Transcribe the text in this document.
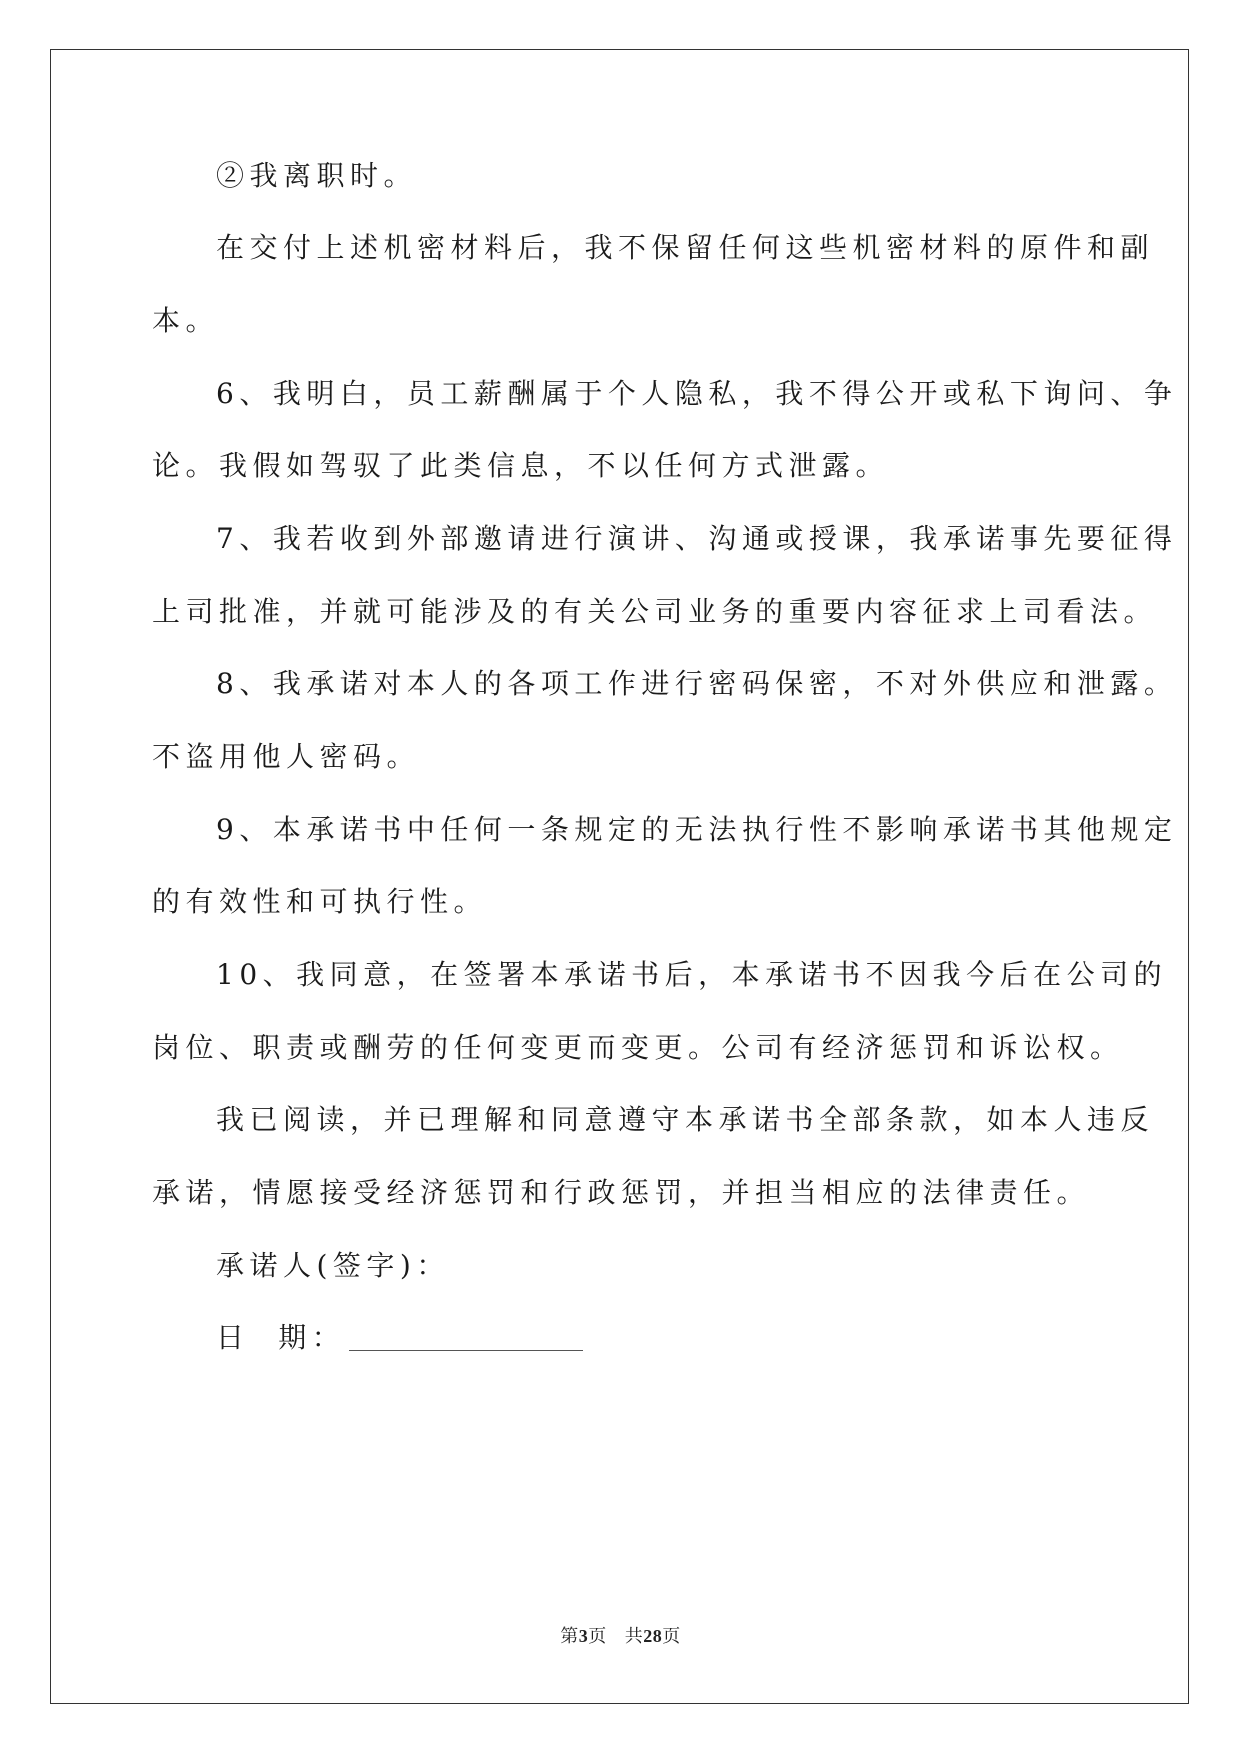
②我离职时。
在交付上述机密材料后，我不保留任何这些机密材料的原件和副
本。
6、我明白，员工薪酬属于个人隐私，我不得公开或私下询问、争
论。我假如驾驭了此类信息，不以任何方式泄露。
7、我若收到外部邀请进行演讲、沟通或授课，我承诺事先要征得
上司批准，并就可能涉及的有关公司业务的重要内容征求上司看法。
8、我承诺对本人的各项工作进行密码保密，不对外供应和泄露。
不盗用他人密码。
9、本承诺书中任何一条规定的无法执行性不影响承诺书其他规定
的有效性和可执行性。
10、我同意，在签署本承诺书后，本承诺书不因我今后在公司的
岗位、职责或酬劳的任何变更而变更。公司有经济惩罚和诉讼权。
我已阅读，并已理解和同意遵守本承诺书全部条款，如本人违反
承诺，情愿接受经济惩罚和行政惩罚，并担当相应的法律责任。
承诺人(签字)：
日  期：
第3页 共28页
